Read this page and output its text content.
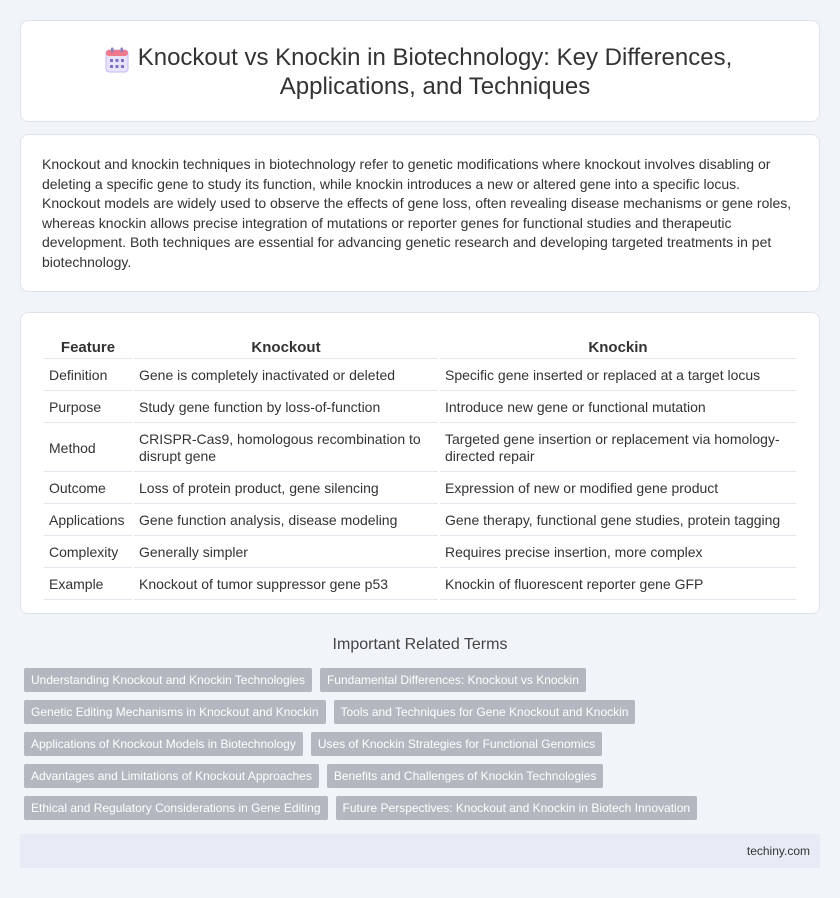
Knockout vs Knockin in Biotechnology: Key Differences, Applications, and Techniques

Knockout and knockin techniques in biotechnology refer to genetic modifications where knockout involves disabling or deleting a specific gene to study its function, while knockin introduces a new or altered gene into a specific locus. Knockout models are widely used to observe the effects of gene loss, often revealing disease mechanisms or gene roles, whereas knockin allows precise integration of mutations or reporter genes for functional studies and therapeutic development. Both techniques are essential for advancing genetic research and developing targeted treatments in pet biotechnology.

Feature	Knockout	Knockin
Definition	Gene is completely inactivated or deleted	Specific gene inserted or replaced at a target locus
Purpose	Study gene function by loss-of-function	Introduce new gene or functional mutation
Method	CRISPR-Cas9, homologous recombination to disrupt gene	Targeted gene insertion or replacement via homology-directed repair
Outcome	Loss of protein product, gene silencing	Expression of new or modified gene product
Applications	Gene function analysis, disease modeling	Gene therapy, functional gene studies, protein tagging
Complexity	Generally simpler	Requires precise insertion, more complex
Example	Knockout of tumor suppressor gene p53	Knockin of fluorescent reporter gene GFP
Important Related Terms
Understanding Knockout and Knockin Technologies	Fundamental Differences: Knockout vs Knockin
Genetic Editing Mechanisms in Knockout and Knockin	Tools and Techniques for Gene Knockout and Knockin
Applications of Knockout Models in Biotechnology	Uses of Knockin Strategies for Functional Genomics
Advantages and Limitations of Knockout Approaches	Benefits and Challenges of Knockin Technologies
Ethical and Regulatory Considerations in Gene Editing	Future Perspectives: Knockout and Knockin in Biotech Innovation
techiny.com
